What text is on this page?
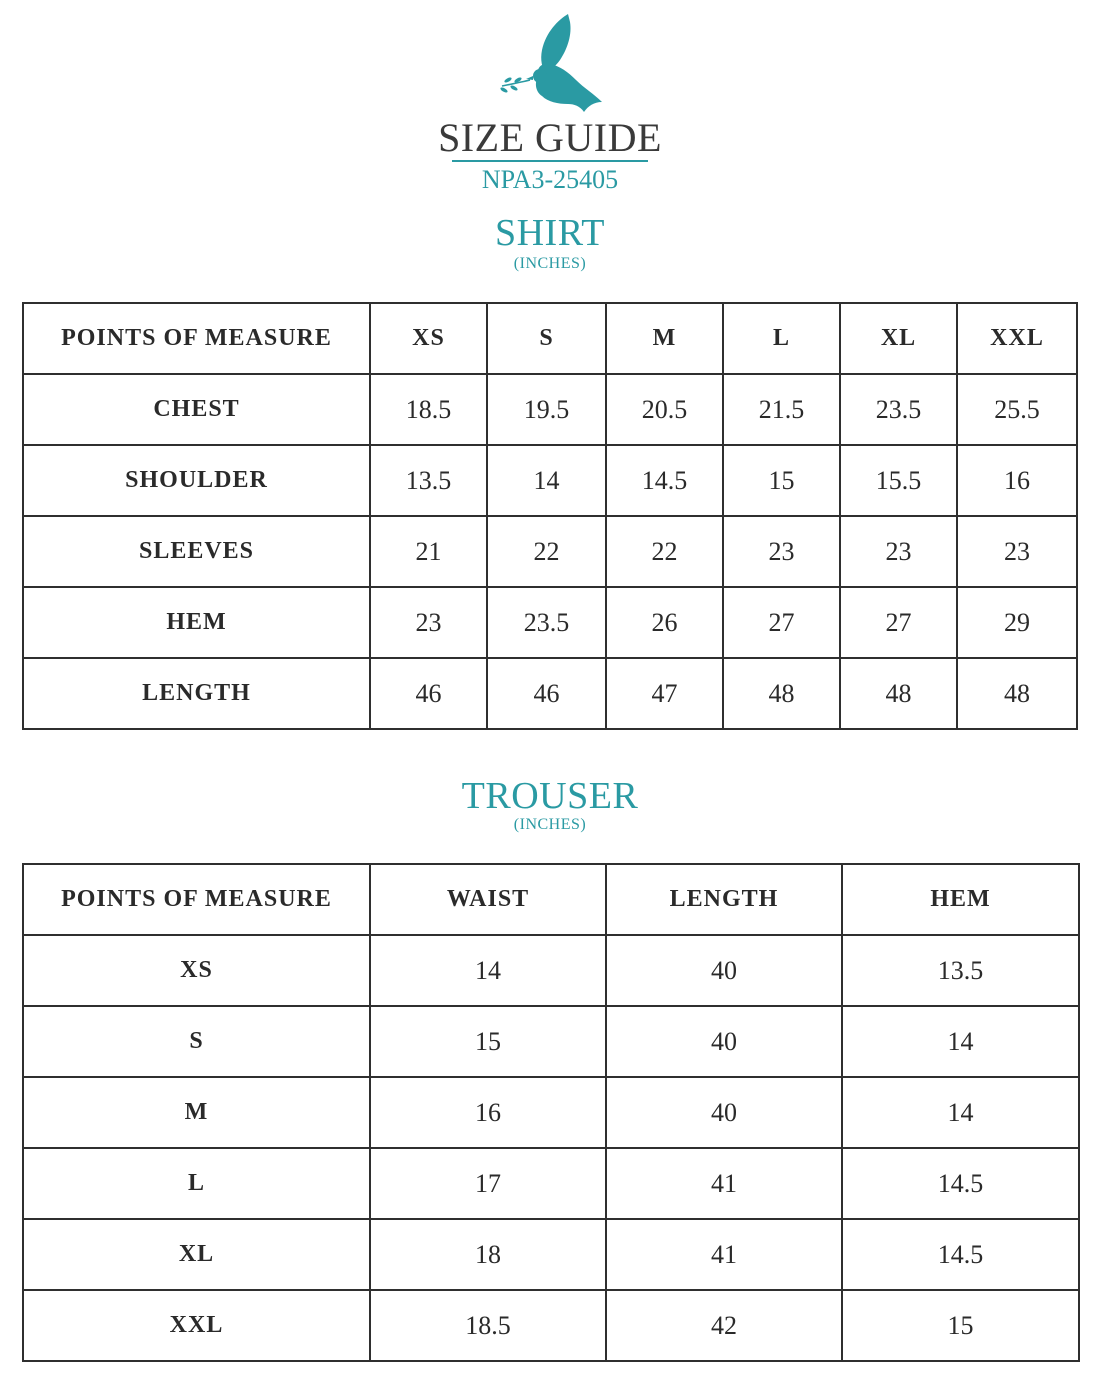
SIZE GUIDE
NPA3-25405
SHIRT
(INCHES)
POINTS OF MEASURE	XS	S	M	L	XL	XXL
CHEST	18.5	19.5	20.5	21.5	23.5	25.5
SHOULDER	13.5	14	14.5	15	15.5	16
SLEEVES	21	22	22	23	23	23
HEM	23	23.5	26	27	27	29
LENGTH	46	46	47	48	48	48
TROUSER
(INCHES)
POINTS OF MEASURE	WAIST	LENGTH	HEM
XS	14	40	13.5
S	15	40	14
M	16	40	14
L	17	41	14.5
XL	18	41	14.5
XXL	18.5	42	15
